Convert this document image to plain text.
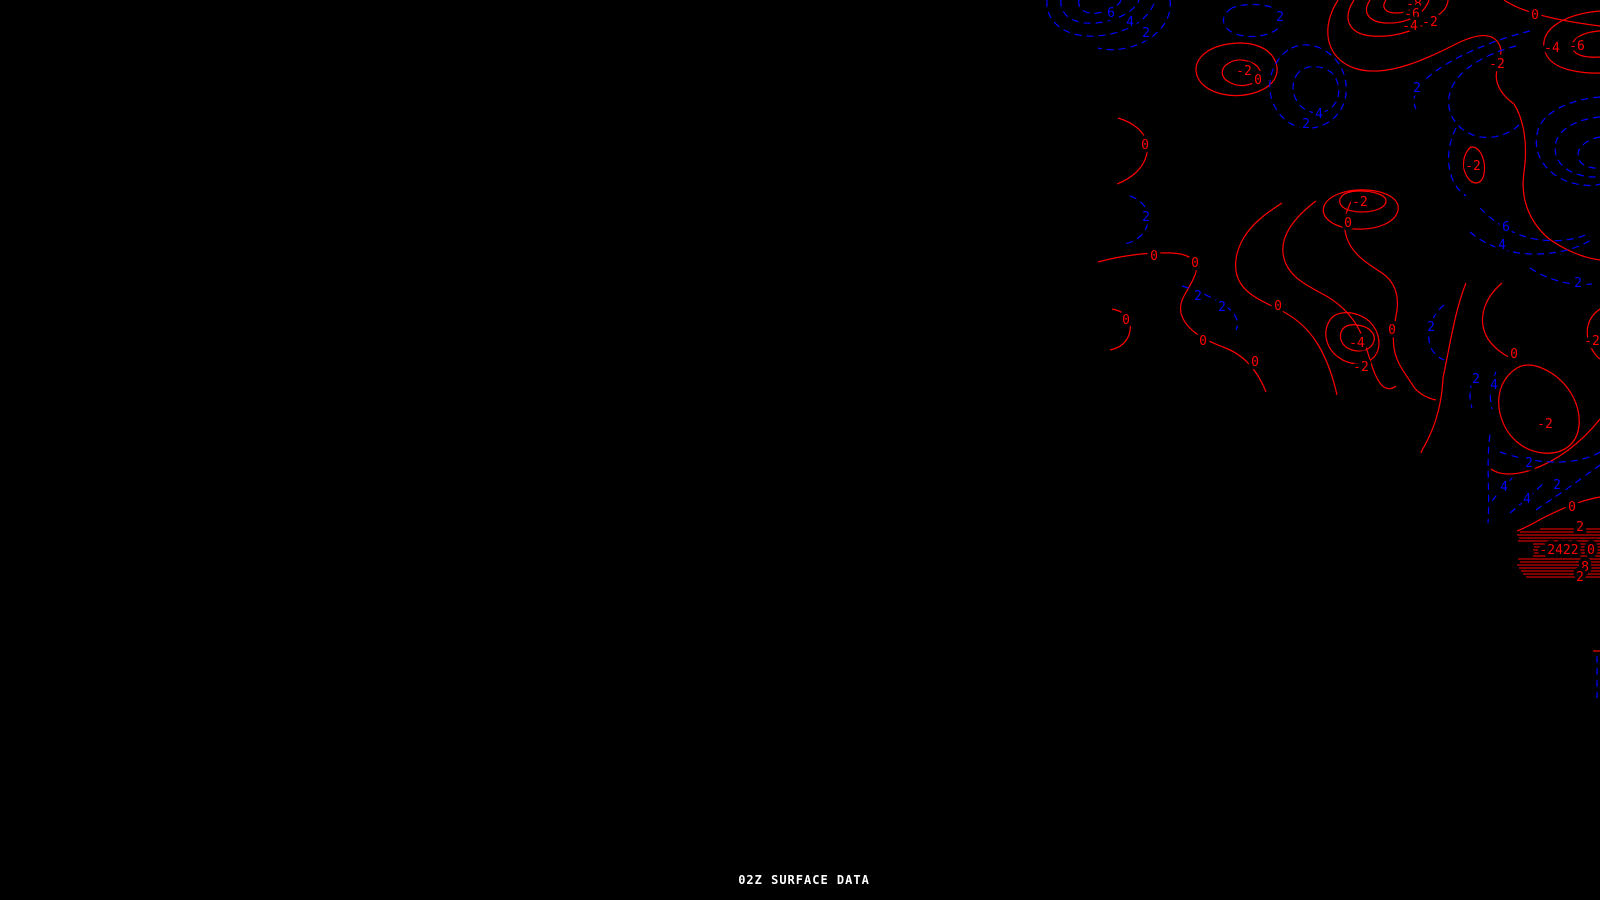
-8
-6
-4 -2	0
-4 -6
-2
-2
0
0
-2
-2
0
0	0
0
0
0
0
-4
-2
0
0
-2
-2
0
2
-2422 0
8
2
6
4
2
2
4
2
2
2
6
4
2
2
2
2
2 4
2
2
4
4
02Z SURFACE DATA
